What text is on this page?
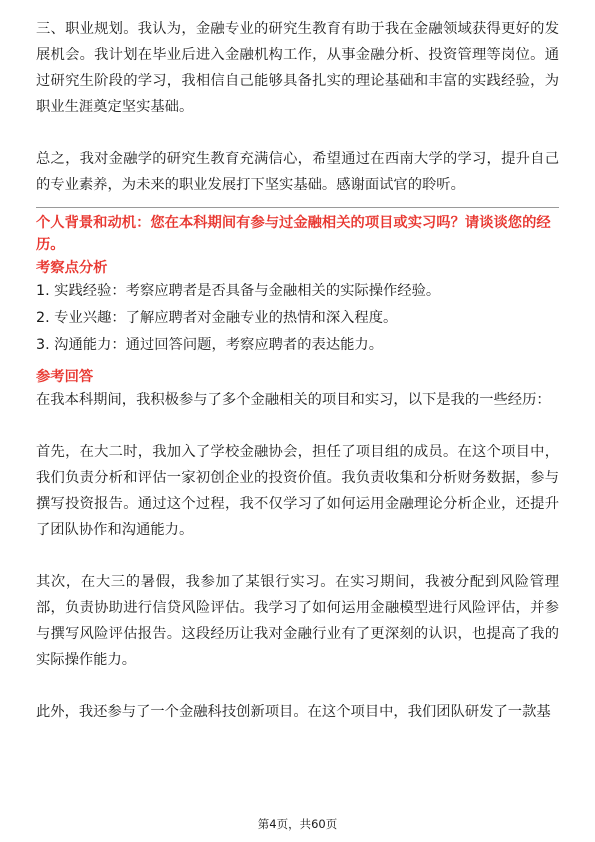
三、职业规划。我认为，金融专业的研究生教育有助于我在金融领域获得更好的发展机会。我计划在毕业后进入金融机构工作，从事金融分析、投资管理等岗位。通过研究生阶段的学习，我相信自己能够具备扎实的理论基础和丰富的实践经验，为职业生涯奠定坚实基础。

总之，我对金融学的研究生教育充满信心，希望通过在西南大学的学习，提升自己的专业素养，为未来的职业发展打下坚实基础。感谢面试官的聆听。

个人背景和动机：您在本科期间有参与过金融相关的项目或实习吗？请谈谈您的经历。

考察点分析

1. 实践经验：考察应聘者是否具备与金融相关的实际操作经验。

2. 专业兴趣：了解应聘者对金融专业的热情和深入程度。

3. 沟通能力：通过回答问题，考察应聘者的表达能力。

参考回答

在我本科期间，我积极参与了多个金融相关的项目和实习，以下是我的一些经历：

首先，在大二时，我加入了学校金融协会，担任了项目组的成员。在这个项目中，我们负责分析和评估一家初创企业的投资价值。我负责收集和分析财务数据，参与撰写投资报告。通过这个过程，我不仅学习了如何运用金融理论分析企业，还提升了团队协作和沟通能力。

其次，在大三的暑假，我参加了某银行实习。在实习期间，我被分配到风险管理部，负责协助进行信贷风险评估。我学习了如何运用金融模型进行风险评估，并参与撰写风险评估报告。这段经历让我对金融行业有了更深刻的认识，也提高了我的实际操作能力。

此外，我还参与了一个金融科技创新项目。在这个项目中，我们团队研发了一款基

第4页，共60页
